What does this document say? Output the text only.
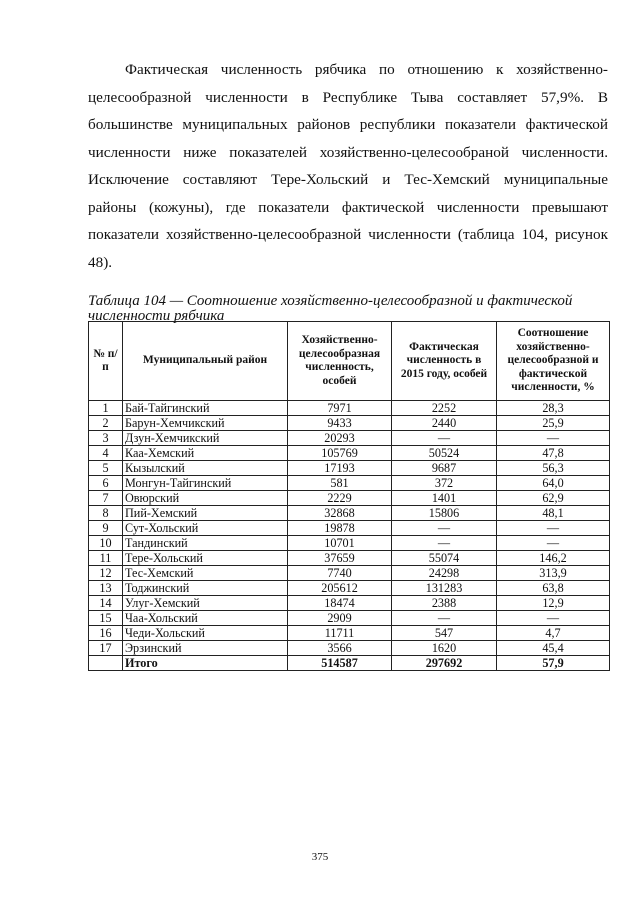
Фактическая численность рябчика по отношению к хозяйственно-целесообразной численности в Республике Тыва составляет 57,9%. В большинстве муниципальных районов республики показатели фактической численности ниже показателей хозяйственно-целесообраной численности. Исключение составляют Тере-Хольский и Тес-Хемский муниципальные районы (кожуны), где показатели фактической численности превышают показатели хозяйственно-целесообразной численности (таблица 104, рисунок 48).

Таблица 104 — Соотношение хозяйственно-целесообразной и фактической
численности рябчика
№ п/п	Муниципальный район	Хозяйственно-целесообразная численность, особей	Фактическая численность в 2015 году, особей	Соотношение хозяйственно-целесообразной и фактической численности, %
1	Бай-Тайгинский	7971	2252	28,3
2	Барун-Хемчикский	9433	2440	25,9
3	Дзун-Хемчикский	20293	—	—
4	Каа-Хемский	105769	50524	47,8
5	Кызылский	17193	9687	56,3
6	Монгун-Тайгинский	581	372	64,0
7	Овюрский	2229	1401	62,9
8	Пий-Хемский	32868	15806	48,1
9	Сут-Хольский	19878	—	—
10	Тандинский	10701	—	—
11	Тере-Хольский	37659	55074	146,2
12	Тес-Хемский	7740	24298	313,9
13	Тоджинский	205612	131283	63,8
14	Улуг-Хемский	18474	2388	12,9
15	Чаа-Хольский	2909	—	—
16	Чеди-Хольский	11711	547	4,7
17	Эрзинский	3566	1620	45,4
	Итого	514587	297692	57,9
375
